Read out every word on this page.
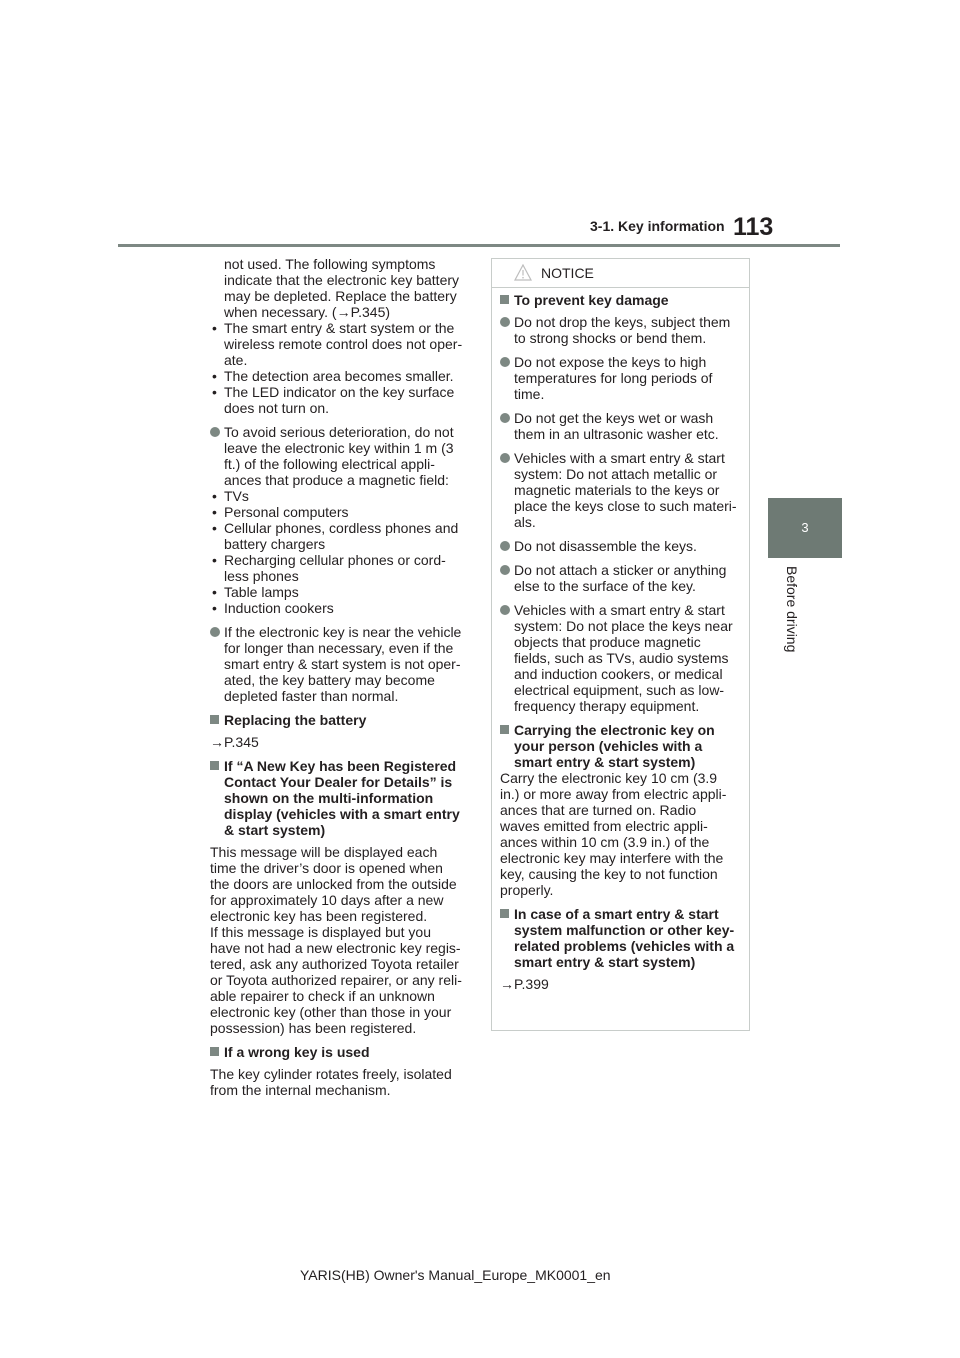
3-1. Key information 113
3
Before driving
not used. The following symptoms
indicate that the electronic key battery
may be depleted. Replace the battery
when necessary. (→P.345)
• The smart entry & start system or the
wireless remote control does not oper-
ate.
• The detection area becomes smaller.
• The LED indicator on the key surface
does not turn on.
To avoid serious deterioration, do not
leave the electronic key within 1 m (3
ft.) of the following electrical appli-
ances that produce a magnetic field:
• TVs
• Personal computers
• Cellular phones, cordless phones and
battery chargers
• Recharging cellular phones or cord-
less phones
• Table lamps
• Induction cookers
If the electronic key is near the vehicle
for longer than necessary, even if the
smart entry & start system is not oper-
ated, the key battery may become
depleted faster than normal.
Replacing the battery
→P.345
If “A New Key has been Registered
Contact Your Dealer for Details” is
shown on the multi-information
display (vehicles with a smart entry
& start system)
This message will be displayed each
time the driver’s door is opened when
the doors are unlocked from the outside
for approximately 10 days after a new
electronic key has been registered.
If this message is displayed but you
have not had a new electronic key regis-
tered, ask any authorized Toyota retailer
or Toyota authorized repairer, or any reli-
able repairer to check if an unknown
electronic key (other than those in your
possession) has been registered.
If a wrong key is used
The key cylinder rotates freely, isolated
from the internal mechanism.
NOTICE
To prevent key damage
Do not drop the keys, subject them
to strong shocks or bend them.
Do not expose the keys to high
temperatures for long periods of
time.
Do not get the keys wet or wash
them in an ultrasonic washer etc.
Vehicles with a smart entry & start
system: Do not attach metallic or
magnetic materials to the keys or
place the keys close to such materi-
als.
Do not disassemble the keys.
Do not attach a sticker or anything
else to the surface of the key.
Vehicles with a smart entry & start
system: Do not place the keys near
objects that produce magnetic
fields, such as TVs, audio systems
and induction cookers, or medical
electrical equipment, such as low-
frequency therapy equipment.
Carrying the electronic key on
your person (vehicles with a
smart entry & start system)
Carry the electronic key 10 cm (3.9
in.) or more away from electric appli-
ances that are turned on. Radio
waves emitted from electric appli-
ances within 10 cm (3.9 in.) of the
electronic key may interfere with the
key, causing the key to not function
properly.
In case of a smart entry & start
system malfunction or other key-
related problems (vehicles with a
smart entry & start system)
→P.399
YARIS(HB) Owner's Manual_Europe_MK0001_en
